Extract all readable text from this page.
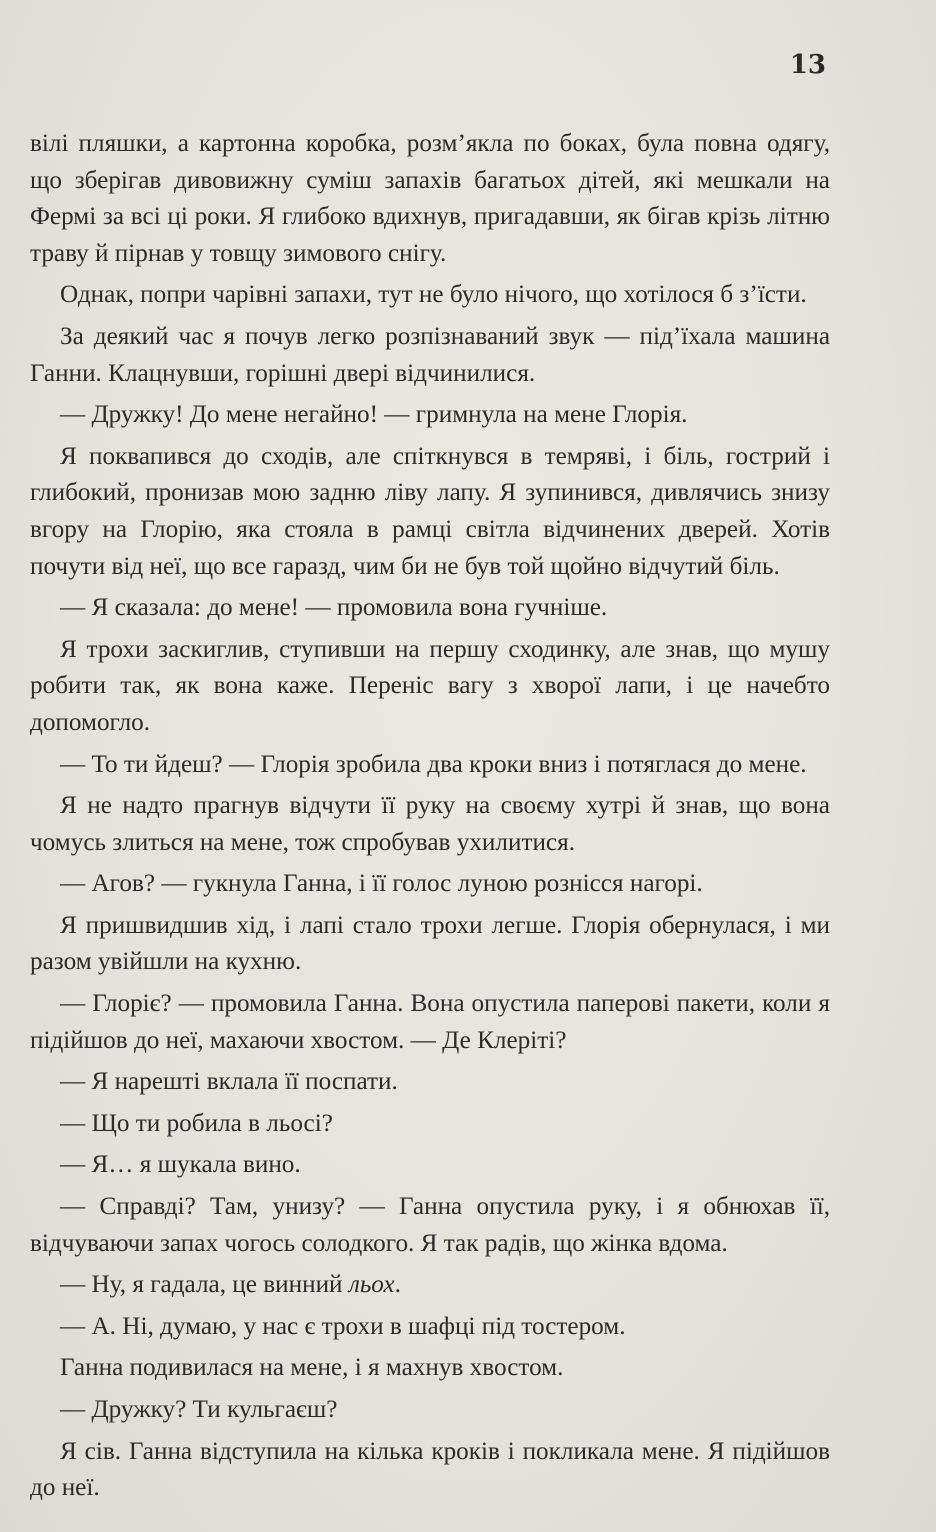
13

вілі пляшки, а картонна коробка, розм’якла по боках, була повна одягу, що зберігав дивовижну суміш запахів багатьох дітей, які мешкали на Фермі за всі ці роки. Я глибоко вдихнув, пригадавши, як бігав крізь літню траву й пірнав у товщу зимового снігу.

Однак, попри чарівні запахи, тут не було нічого, що хотілося б з’їсти.

За деякий час я почув легко розпізнаваний звук — під’їхала машина Ганни. Клацнувши, горішні двері відчинилися.

— Дружку! До мене негайно! — гримнула на мене Глорія.

Я поквапився до сходів, але спіткнувся в темряві, і біль, гострий і глибокий, пронизав мою задню ліву лапу. Я зупинився, дивлячись знизу вгору на Глорію, яка стояла в рамці світла відчинених дверей. Хотів почути від неї, що все гаразд, чим би не був той щойно відчутий біль.

— Я сказала: до мене! — промовила вона гучніше.

Я трохи заскиглив, ступивши на першу сходинку, але знав, що мушу робити так, як вона каже. Переніс вагу з хворої лапи, і це начебто допомогло.

— То ти йдеш? — Глорія зробила два кроки вниз і потяглася до мене.

Я не надто прагнув відчути її руку на своєму хутрі й знав, що вона чомусь злиться на мене, тож спробував ухилитися.

— Агов? — гукнула Ганна, і її голос луною рознісся нагорі.

Я пришвидшив хід, і лапі стало трохи легше. Глорія обернулася, і ми разом увійшли на кухню.

— Глоріє? — промовила Ганна. Вона опустила паперові пакети, коли я підійшов до неї, махаючи хвостом. — Де Клеріті?

— Я нарешті вклала її поспати.

— Що ти робила в льосі?

— Я… я шукала вино.

— Справді? Там, унизу? — Ганна опустила руку, і я обнюхав її, відчуваючи запах чогось солодкого. Я так радів, що жінка вдома.

— Ну, я гадала, це винний льох.

— А. Ні, думаю, у нас є трохи в шафці під тостером.

Ганна подивилася на мене, і я махнув хвостом.

— Дружку? Ти кульгаєш?

Я сів. Ганна відступила на кілька кроків і покликала мене. Я підійшов до неї.
